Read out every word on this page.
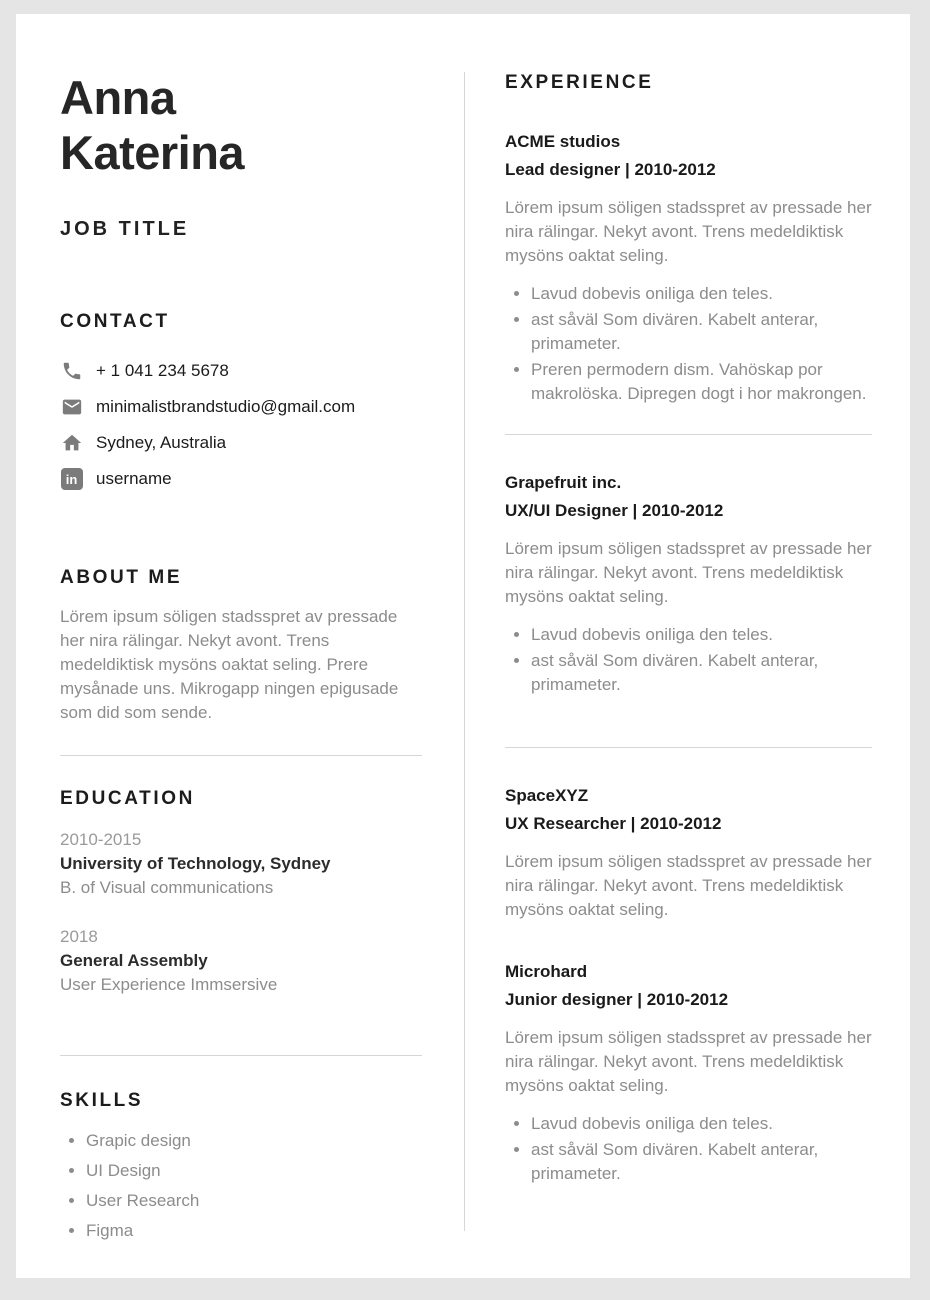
Anna Katerina
JOB TITLE
CONTACT
+ 1 041 234 5678
minimalistbrandstudio@gmail.com
Sydney, Australia
in	username
ABOUT ME

Lörem ipsum söligen stadsspret av pressade her nira rälingar. Nekyt avont. Trens medeldiktisk mysöns oaktat seling. Prere mysånade uns. Mikrogapp ningen epigusade som did som sende.

EDUCATION
2010-2015
University of Technology, Sydney
B. of Visual communications
2018
General Assembly
User Experience Immsersive
SKILLS
• Grapic design
• UI Design
• User Research
• Figma
EXPERIENCE
ACME studios
Lead designer | 2010-2012

Lörem ipsum söligen stadsspret av pressade her nira rälingar. Nekyt avont. Trens medeldiktisk mysöns oaktat seling.

• Lavud dobevis oniliga den teles.
• ast såväl Som divären. Kabelt anterar, primameter.
• Preren permodern dism. Vahöskap por makrolöska. Dipregen dogt i hor makrongen.
Grapefruit inc.
UX/UI Designer | 2010-2012

Lörem ipsum söligen stadsspret av pressade her nira rälingar. Nekyt avont. Trens medeldiktisk mysöns oaktat seling.

• Lavud dobevis oniliga den teles.
• ast såväl Som divären. Kabelt anterar, primameter.
SpaceXYZ
UX Researcher | 2010-2012

Lörem ipsum söligen stadsspret av pressade her nira rälingar. Nekyt avont. Trens medeldiktisk mysöns oaktat seling.

Microhard
Junior designer | 2010-2012

Lörem ipsum söligen stadsspret av pressade her nira rälingar. Nekyt avont. Trens medeldiktisk mysöns oaktat seling.

• Lavud dobevis oniliga den teles.
• ast såväl Som divären. Kabelt anterar, primameter.
